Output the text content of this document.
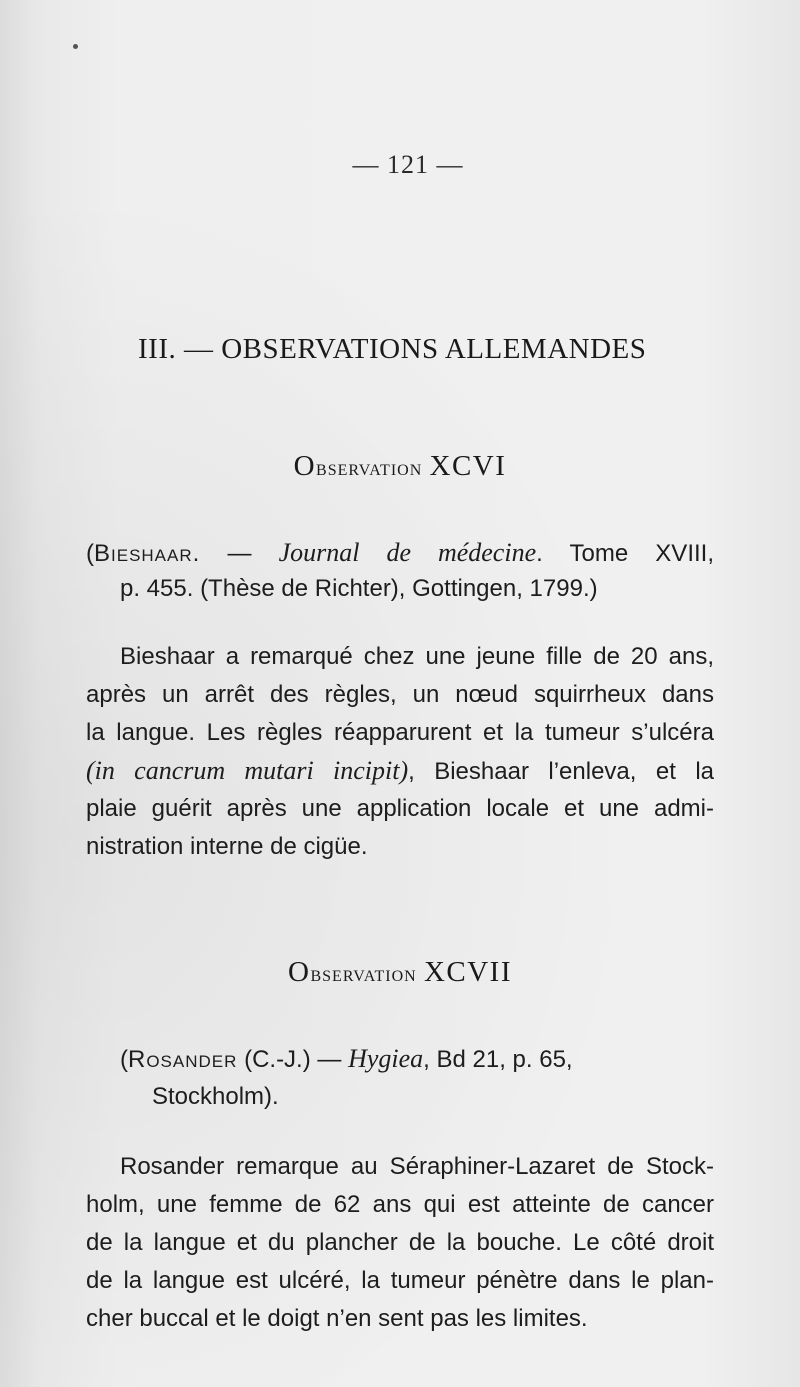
— 121 —
III. — OBSERVATIONS ALLEMANDES
Observation XCVI
(Bieshaar. — Journal de médecine. Tome XVIII,
p. 455. (Thèse de Richter), Gottingen, 1799.)
Bieshaar a remarqué chez une jeune fille de 20 ans,
après un arrêt des règles, un nœud squirrheux dans
la langue. Les règles réapparurent et la tumeur s’ulcéra
(in cancrum mutari incipit), Bieshaar l’enleva, et la
plaie guérit après une application locale et une admi-
nistration interne de cigüe.
Observation XCVII
(Rosander (C.-J.) — Hygiea, Bd 21, p. 65,
Stockholm).
Rosander remarque au Séraphiner-Lazaret de Stock-
holm, une femme de 62 ans qui est atteinte de cancer
de la langue et du plancher de la bouche. Le côté droit
de la langue est ulcéré, la tumeur pénètre dans le plan-
cher buccal et le doigt n’en sent pas les limites.
